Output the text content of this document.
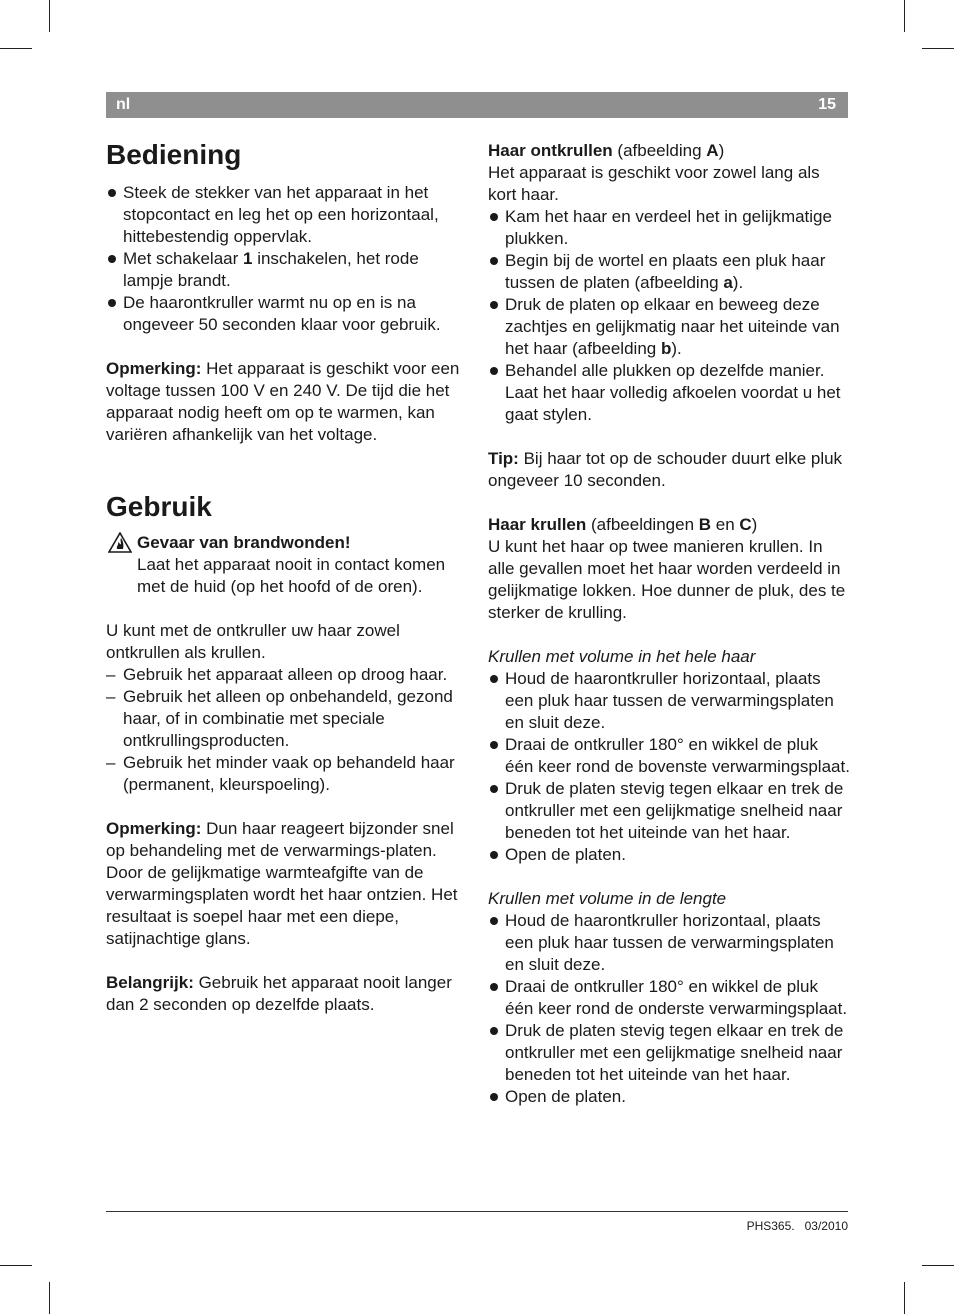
nl	15
Bediening
Steek de stekker van het apparaat in het stopcontact en leg het op een horizontaal, hittebestendig oppervlak.
Met schakelaar 1 inschakelen, het rode lampje brandt.
De haarontkruller warmt nu op en is na ongeveer 50 seconden klaar voor gebruik.

Opmerking: Het apparaat is geschikt voor een voltage tussen 100 V en 240 V. De tijd die het apparaat nodig heeft om op te warmen, kan variëren afhankelijk van het voltage.

Gebruik
Gevaar van brandwonden!
Laat het apparaat nooit in contact komen met de huid (op het hoofd of de oren).

U kunt met de ontkruller uw haar zowel ontkrullen als krullen.

– Gebruik het apparaat alleen op droog haar.
– Gebruik het alleen op onbehandeld, gezond haar, of in combinatie met speciale ontkrullingsproducten.
– Gebruik het minder vaak op behandeld haar (permanent, kleurspoeling).

Opmerking: Dun haar reageert bijzonder snel op behandeling met de verwarmings-platen.

Door de gelijkmatige warmteafgifte van de verwarmingsplaten wordt het haar ontzien. Het resultaat is soepel haar met een diepe, satijnachtige glans.

Belangrijk: Gebruik het apparaat nooit langer dan 2 seconden op dezelfde plaats.

Haar ontkrullen (afbeelding A)

Het apparaat is geschikt voor zowel lang als kort haar.

Kam het haar en verdeel het in gelijkmatige plukken.
Begin bij de wortel en plaats een pluk haar tussen de platen (afbeelding a).
Druk de platen op elkaar en beweeg deze zachtjes en gelijkmatig naar het uiteinde van het haar (afbeelding b).
Behandel alle plukken op dezelfde manier. Laat het haar volledig afkoelen voordat u het gaat stylen.

Tip: Bij haar tot op de schouder duurt elke pluk ongeveer 10 seconden.

Haar krullen (afbeeldingen B en C)

U kunt het haar op twee manieren krullen. In alle gevallen moet het haar worden verdeeld in gelijkmatige lokken. Hoe dunner de pluk, des te sterker de krulling.

Krullen met volume in het hele haar

Houd de haarontkruller horizontaal, plaats een pluk haar tussen de verwarmingsplaten en sluit deze.
Draai de ontkruller 180° en wikkel de pluk één keer rond de bovenste verwarmingsplaat.
Druk de platen stevig tegen elkaar en trek de ontkruller met een gelijkmatige snelheid naar beneden tot het uiteinde van het haar.
Open de platen.

Krullen met volume in de lengte

Houd de haarontkruller horizontaal, plaats een pluk haar tussen de verwarmingsplaten en sluit deze.
Draai de ontkruller 180° en wikkel de pluk één keer rond de onderste verwarmingsplaat.
Druk de platen stevig tegen elkaar en trek de ontkruller met een gelijkmatige snelheid naar beneden tot het uiteinde van het haar.
Open de platen.
PHS365.   03/2010
